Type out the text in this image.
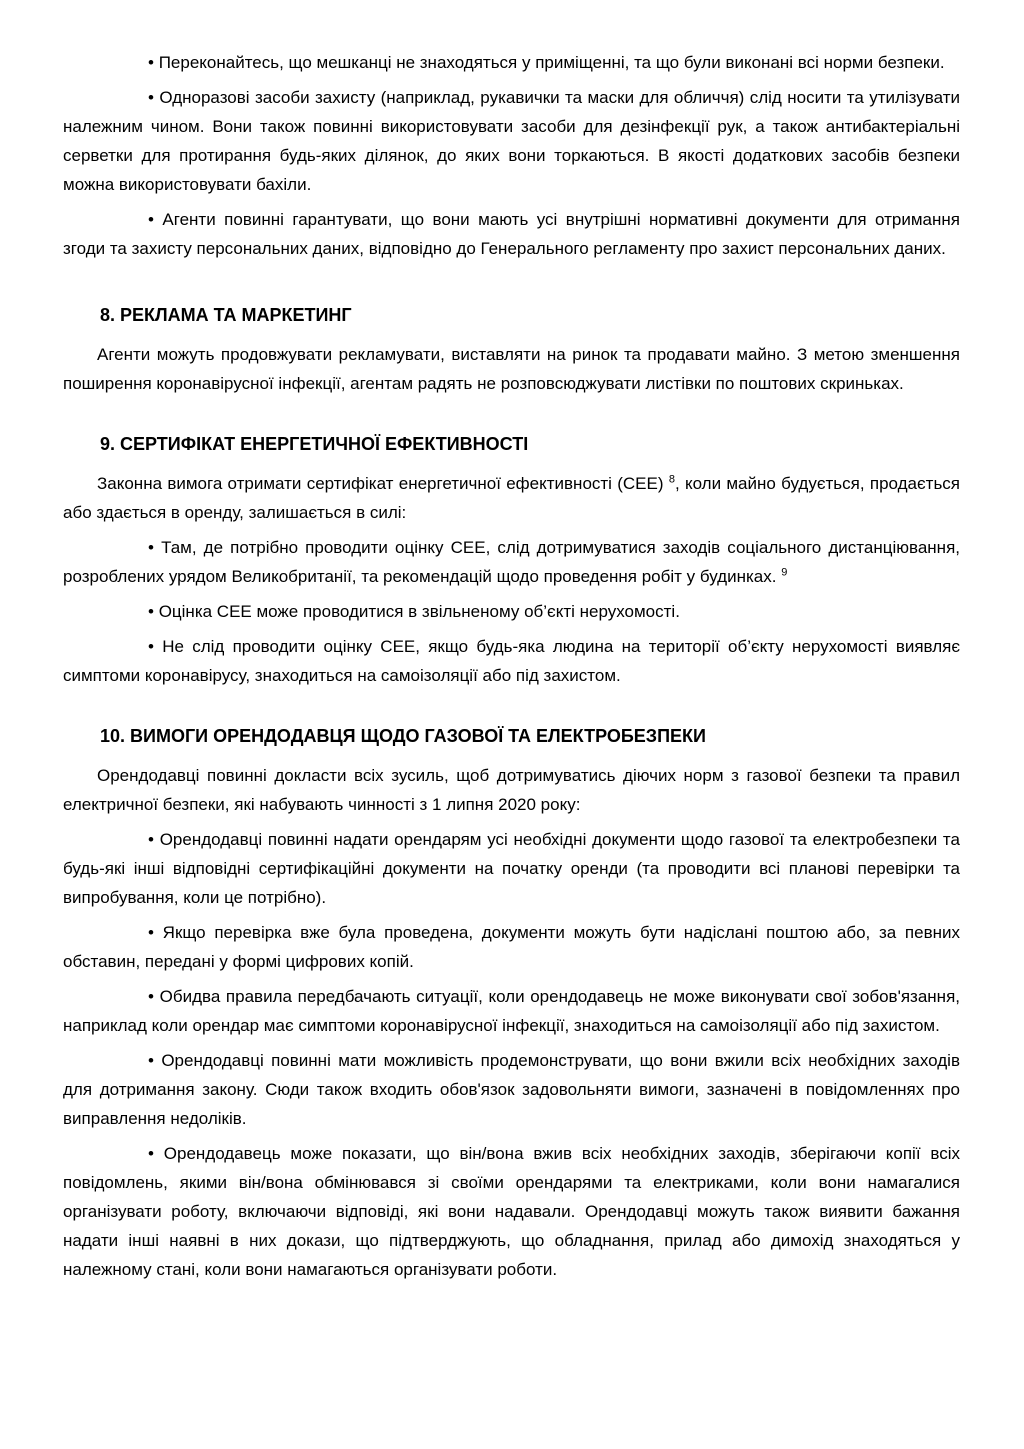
• Переконайтесь, що мешканці не знаходяться у приміщенні, та що були виконані всі норми безпеки.

• Одноразові засоби захисту (наприклад, рукавички та маски для обличчя) слід носити та утилізувати належним чином. Вони також повинні використовувати засоби для дезінфекції рук, а також антибактеріальні серветки для протирання будь-яких ділянок, до яких вони торкаються. В якості додаткових засобів безпеки можна використовувати бахіли.

• Агенти повинні гарантувати, що вони мають усі внутрішні нормативні документи для отримання згоди та захисту персональних даних, відповідно до Генерального регламенту про захист персональних даних.

8. РЕКЛАМА ТА МАРКЕТИНГ

Агенти можуть продовжувати рекламувати, виставляти на ринок та продавати майно. З метою зменшення поширення коронавірусної інфекції, агентам радять не розповсюджувати листівки по поштових скриньках.

9. СЕРТИФІКАТ ЕНЕРГЕТИЧНОЇ ЕФЕКТИВНОСТІ

Законна вимога отримати сертифікат енергетичної ефективності (СЕЕ) $^8$, коли майно будується, продається або здається в оренду, залишається в силі:

• Там, де потрібно проводити оцінку СЕЕ, слід дотримуватися заходів соціального дистанціювання, розроблених урядом Великобританії, та рекомендацій щодо проведення робіт у будинках. $^9$

• Оцінка СЕЕ може проводитися в звільненому об’єкті нерухомості.

• Не слід проводити оцінку СЕЕ, якщо будь-яка людина на території об’єкту нерухомості виявляє симптоми коронавірусу, знаходиться на самоізоляції або під захистом.

10. ВИМОГИ ОРЕНДОДАВЦЯ ЩОДО ГАЗОВОЇ ТА ЕЛЕКТРОБЕЗПЕКИ

Орендодавці повинні докласти всіх зусиль, щоб дотримуватись діючих норм з газової безпеки та правил електричної безпеки, які набувають чинності з 1 липня 2020 року:

• Орендодавці повинні надати орендарям усі необхідні документи щодо газової та електробезпеки та будь-які інші відповідні сертифікаційні документи на початку оренди (та проводити всі планові перевірки та випробування, коли це потрібно).

• Якщо перевірка вже була проведена, документи можуть бути надіслані поштою або, за певних обставин, передані у формі цифрових копій.

• Обидва правила передбачають ситуації, коли орендодавець не може виконувати свої зобов'язання, наприклад коли орендар має симптоми коронавірусної інфекції, знаходиться на самоізоляції або під захистом.

• Орендодавці повинні мати можливість продемонструвати, що вони вжили всіх необхідних заходів для дотримання закону. Сюди також входить обов'язок задовольняти вимоги, зазначені в повідомленнях про виправлення недоліків.

• Орендодавець може показати, що він/вона вжив всіх необхідних заходів, зберігаючи копії всіх повідомлень, якими він/вона обмінювався зі своїми орендарями та електриками, коли вони намагалися організувати роботу, включаючи відповіді, які вони надавали. Орендодавці можуть також виявити бажання надати інші наявні в них докази, що підтверджують, що обладнання, прилад або димохід знаходяться у належному стані, коли вони намагаються організувати роботи.
